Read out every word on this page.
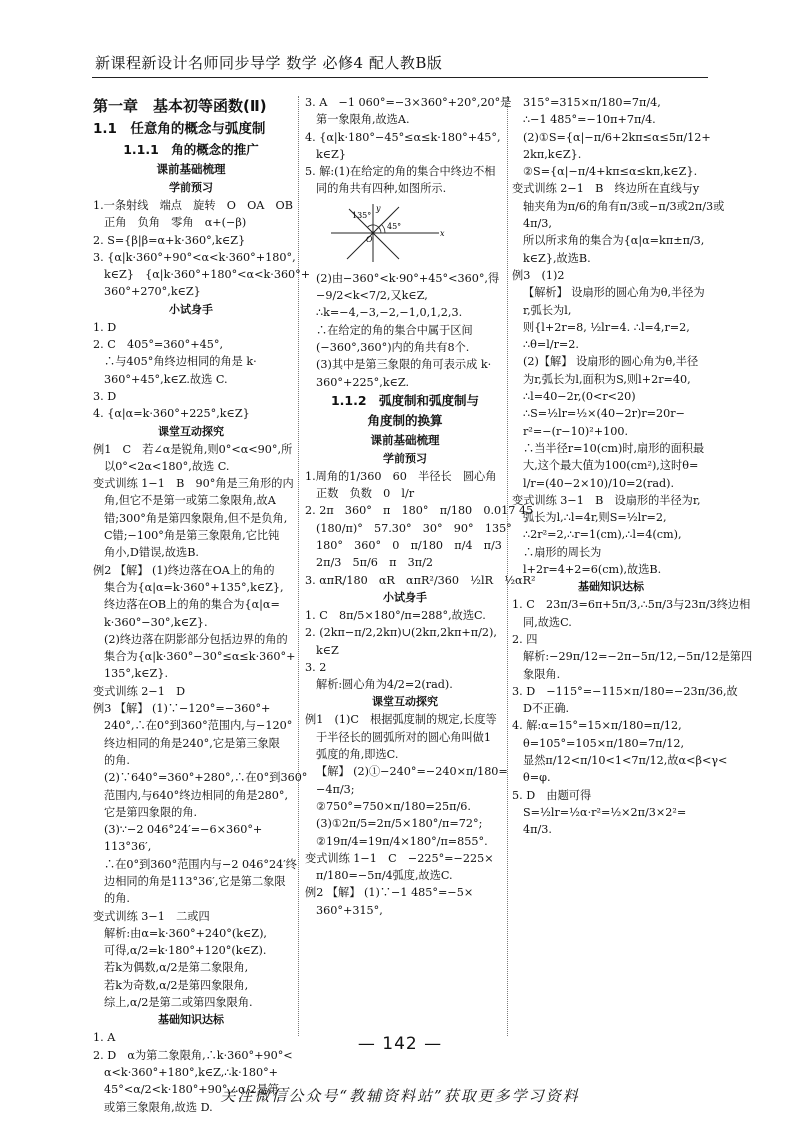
新课程新设计名师同步导学 数学 必修4 配人教B版
第一章　基本初等函数(Ⅱ)
1.1　任意角的概念与弧度制
1.1.1　角的概念的推广
课前基础梳理
学前预习
1.一条射线　端点　旋转　O　OA　OB
正角　负角　零角　α+(−β)
2. S={β|β=α+k·360°,k∈Z}
3. {α|k·360°+90°<α<k·360°+180°,
k∈Z}　{α|k·360°+180°<α<k·360°+
360°+270°,k∈Z}
小试身手
1. D
2. C　405°=360°+45°,
∴与405°角终边相同的角是 k·
360°+45°,k∈Z.故选 C.
3. D
4. {α|α=k·360°+225°,k∈Z}
课堂互动探究
例1　C　若∠α是锐角,则0°<α<90°,所
以0°<2α<180°,故选 C.
变式训练 1−1　B　90°角是三角形的内
角,但它不是第一或第二象限角,故A
错;300°角是第四象限角,但不是负角,
C错;−100°角是第三象限角,它比钝
角小,D错误,故选B.
例2 【解】 (1)终边落在OA上的角的
集合为{α|α=k·360°+135°,k∈Z},
终边落在OB上的角的集合为{α|α=
k·360°−30°,k∈Z}.
(2)终边落在阴影部分包括边界的角的
集合为{α|k·360°−30°≤α≤k·360°+
135°,k∈Z}.
变式训练 2−1　D
例3 【解】 (1)∵−120°=−360°+
240°,∴在0°到360°范围内,与−120°
终边相同的角是240°,它是第三象限
的角.
(2)∵640°=360°+280°,∴在0°到360°
范围内,与640°终边相同的角是280°,
它是第四象限的角.
(3)∵−2 046°24′=−6×360°+
113°36′,
∴在0°到360°范围内与−2 046°24′终
边相同的角是113°36′,它是第二象限
的角.
变式训练 3−1　二或四
解析:由α=k·360°+240°(k∈Z),
可得,α/2=k·180°+120°(k∈Z).
若k为偶数,α/2是第二象限角,
若k为奇数,α/2是第四象限角,
综上,α/2是第二或第四象限角.
基础知识达标
1. A
2. D　α为第二象限角,∴k·360°+90°<
α<k·360°+180°,k∈Z,∴k·180°+
45°<α/2<k·180°+90°,∴α/2是第一
或第三象限角,故选 D.
3. A　−1 060°=−3×360°+20°,20°是
第一象限角,故选A.
4. {α|k·180°−45°≤α≤k·180°+45°,
k∈Z}
5. 解:(1)在给定的角的集合中终边不相
同的角共有四种,如图所示.
135°
45°
O
x
y
(2)由−360°<k·90°+45°<360°,得
−9/2<k<7/2,又k∈Z,
∴k=−4,−3,−2,−1,0,1,2,3.
∴在给定的角的集合中属于区间
(−360°,360°)内的角共有8个.
(3)其中是第三象限的角可表示成 k·
360°+225°,k∈Z.
1.1.2　弧度制和弧度制与
角度制的换算
课前基础梳理
学前预习
1.周角的1/360　60　半径长　圆心角
正数　负数　0　l/r
2. 2π　360°　π　180°　π/180　0.017 45
(180/π)°　57.30°　30°　90°　135°
180°　360°　0　π/180　π/4　π/3
2π/3　5π/6　π　3π/2
3. απR/180　αR　απR²/360　½lR　½αR²
小试身手
1. C　8π/5×180°/π=288°,故选C.
2. (2kπ−π/2,2kπ)∪(2kπ,2kπ+π/2),
k∈Z
3. 2
解析:圆心角为4/2=2(rad).
课堂互动探究
例1　(1)C　根据弧度制的规定,长度等
于半径长的圆弧所对的圆心角叫做1
弧度的角,即选C.
【解】 (2)①−240°=−240×π/180=
−4π/3;
②750°=750×π/180=25π/6.
(3)①2π/5=2π/5×180°/π=72°;
②19π/4=19π/4×180°/π=855°.
变式训练 1−1　C　−225°=−225×
π/180=−5π/4弧度,故选C.
例2 【解】 (1)∵−1 485°=−5×
360°+315°,
315°=315×π/180=7π/4,
∴−1 485°=−10π+7π/4.
(2)①S={α|−π/6+2kπ≤α≤5π/12+
2kπ,k∈Z}.
②S={α|−π/4+kπ≤α≤kπ,k∈Z}.
变式训练 2−1　B　终边所在直线与y
轴夹角为π/6的角有π/3或−π/3或2π/3或
4π/3,
所以所求角的集合为{α|α=kπ±π/3,
k∈Z},故选B.
例3　(1)2
【解析】 设扇形的圆心角为θ,半径为
r,弧长为l,
则{l+2r=8, ½lr=4. ∴l=4,r=2,
∴θ=l/r=2.
(2)【解】 设扇形的圆心角为θ,半径
为r,弧长为l,面积为S,则l+2r=40,
∴l=40−2r,(0<r<20)
∴S=½lr=½×(40−2r)r=20r−
r²=−(r−10)²+100.
∴当半径r=10(cm)时,扇形的面积最
大,这个最大值为100(cm²),这时θ=
l/r=(40−2×10)/10=2(rad).
变式训练 3−1　B　设扇形的半径为r,
弧长为l,∴l=4r,则S=½lr=2,
∴2r²=2,∴r=1(cm),∴l=4(cm),
∴扇形的周长为
l+2r=4+2=6(cm),故选B.
基础知识达标
1. C　23π/3=6π+5π/3,∴5π/3与23π/3终边相
同,故选C.
2. 四
解析:−29π/12=−2π−5π/12,−5π/12是第四
象限角.
3. D　−115°=−115×π/180=−23π/36,故
D不正确.
4. 解:α=15°=15×π/180=π/12,
θ=105°=105×π/180=7π/12,
显然π/12<π/10<1<7π/12,故α<β<γ<
θ=φ.
5. D　由题可得
S=½lr=½α·r²=½×2π/3×2²=
4π/3.
— 142 —
关注微信公众号“教辅资料站”获取更多学习资料
